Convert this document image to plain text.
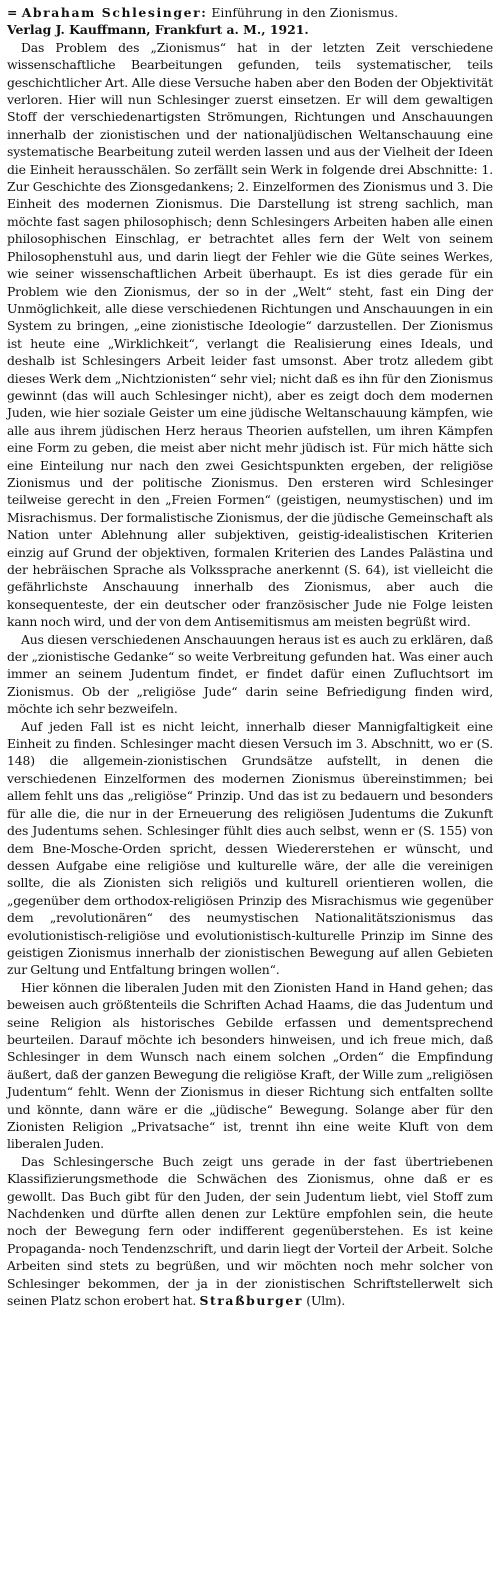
= Abraham Schlesinger: Einführung in den Zionismus.
Verlag J. Kauffmann, Frankfurt a. M., 1921.

Das Problem des „Zionismus“ hat in der letzten Zeit verschiedene wissenschaftliche Bearbeitungen gefunden, teils systematischer, teils geschichtlicher Art. Alle diese Versuche haben aber den Boden der Objektivität verloren. Hier will nun Schlesinger zuerst einsetzen. Er will dem gewaltigen Stoff der verschiedenartigsten Strömungen, Richtungen und Anschauungen innerhalb der zionistischen und der nationaljüdischen Weltanschauung eine systematische Bearbeitung zuteil werden lassen und aus der Vielheit der Ideen die Einheit herausschälen. So zerfällt sein Werk in folgende drei Abschnitte: 1. Zur Geschichte des Zionsgedankens; 2. Einzelformen des Zionismus und 3. Die Einheit des modernen Zionismus. Die Darstellung ist streng sachlich, man möchte fast sagen philosophisch; denn Schlesingers Arbeiten haben alle einen philosophischen Einschlag, er betrachtet alles fern der Welt von seinem Philosophenstuhl aus, und darin liegt der Fehler wie die Güte seines Werkes, wie seiner wissenschaftlichen Arbeit überhaupt. Es ist dies gerade für ein Problem wie den Zionismus, der so in der „Welt“ steht, fast ein Ding der Unmöglichkeit, alle diese verschiedenen Richtungen und Anschauungen in ein System zu bringen, „eine zionistische Ideologie“ darzustellen. Der Zionismus ist heute eine „Wirklichkeit“, verlangt die Realisierung eines Ideals, und deshalb ist Schlesingers Arbeit leider fast umsonst. Aber trotz alledem gibt dieses Werk dem „Nichtzionisten“ sehr viel; nicht daß es ihn für den Zionismus gewinnt (das will auch Schlesinger nicht), aber es zeigt doch dem modernen Juden, wie hier soziale Geister um eine jüdische Weltanschauung kämpfen, wie alle aus ihrem jüdischen Herz heraus Theorien aufstellen, um ihren Kämpfen eine Form zu geben, die meist aber nicht mehr jüdisch ist. Für mich hätte sich eine Einteilung nur nach den zwei Gesichtspunkten ergeben, der religiöse Zionismus und der politische Zionismus. Den ersteren wird Schlesinger teilweise gerecht in den „Freien Formen“ (geistigen, neumystischen) und im Misrachismus. Der formalistische Zionismus, der die jüdische Gemeinschaft als Nation unter Ablehnung aller subjektiven, geistig-idealistischen Kriterien einzig auf Grund der objektiven, formalen Kriterien des Landes Palästina und der hebräischen Sprache als Volkssprache anerkennt (S. 64), ist vielleicht die gefährlichste Anschauung innerhalb des Zionismus, aber auch die konsequenteste, der ein deutscher oder französischer Jude nie Folge leisten kann noch wird, und der von dem Antisemitismus am meisten begrüßt wird.

Aus diesen verschiedenen Anschauungen heraus ist es auch zu erklären, daß der „zionistische Gedanke“ so weite Verbreitung gefunden hat. Was einer auch immer an seinem Judentum findet, er findet dafür einen Zufluchtsort im Zionismus. Ob der „religiöse Jude“ darin seine Befriedigung finden wird, möchte ich sehr bezweifeln.

Auf jeden Fall ist es nicht leicht, innerhalb dieser Mannigfaltigkeit eine Einheit zu finden. Schlesinger macht diesen Versuch im 3. Abschnitt, wo er (S. 148) die allgemein-zionistischen Grundsätze aufstellt, in denen die verschiedenen Einzelformen des modernen Zionismus übereinstimmen; bei allem fehlt uns das „religiöse“ Prinzip. Und das ist zu bedauern und besonders für alle die, die nur in der Erneuerung des religiösen Judentums die Zukunft des Judentums sehen. Schlesinger fühlt dies auch selbst, wenn er (S. 155) von dem Bne-Mosche-Orden spricht, dessen Wiedererstehen er wünscht, und dessen Aufgabe eine religiöse und kulturelle wäre, der alle die vereinigen sollte, die als Zionisten sich religiös und kulturell orientieren wollen, die „gegenüber dem orthodox-religiösen Prinzip des Misrachismus wie gegenüber dem „revolutionären“ des neumystischen Nationalitätszionismus das evolutionistisch-religiöse und evolutionistisch-kulturelle Prinzip im Sinne des geistigen Zionismus innerhalb der zionistischen Bewegung auf allen Gebieten zur Geltung und Entfaltung bringen wollen“.

Hier können die liberalen Juden mit den Zionisten Hand in Hand gehen; das beweisen auch größtenteils die Schriften Achad Haams, die das Judentum und seine Religion als historisches Gebilde erfassen und dementsprechend beurteilen. Darauf möchte ich besonders hinweisen, und ich freue mich, daß Schlesinger in dem Wunsch nach einem solchen „Orden“ die Empfindung äußert, daß der ganzen Bewegung die religiöse Kraft, der Wille zum „religiösen Judentum“ fehlt. Wenn der Zionismus in dieser Richtung sich entfalten sollte und könnte, dann wäre er die „jüdische“ Bewegung. Solange aber für den Zionisten Religion „Privatsache“ ist, trennt ihn eine weite Kluft von dem liberalen Juden.

Das Schlesingersche Buch zeigt uns gerade in der fast übertriebenen Klassifizierungsmethode die Schwächen des Zionismus, ohne daß er es gewollt. Das Buch gibt für den Juden, der sein Judentum liebt, viel Stoff zum Nachdenken und dürfte allen denen zur Lektüre empfohlen sein, die heute noch der Bewegung fern oder indifferent gegenüberstehen. Es ist keine Propaganda- noch Tendenzschrift, und darin liegt der Vorteil der Arbeit. Solche Arbeiten sind stets zu begrüßen, und wir möchten noch mehr solcher von Schlesinger bekommen, der ja in der zionistischen Schriftstellerwelt sich seinen Platz schon erobert hat. Straßburger (Ulm).
